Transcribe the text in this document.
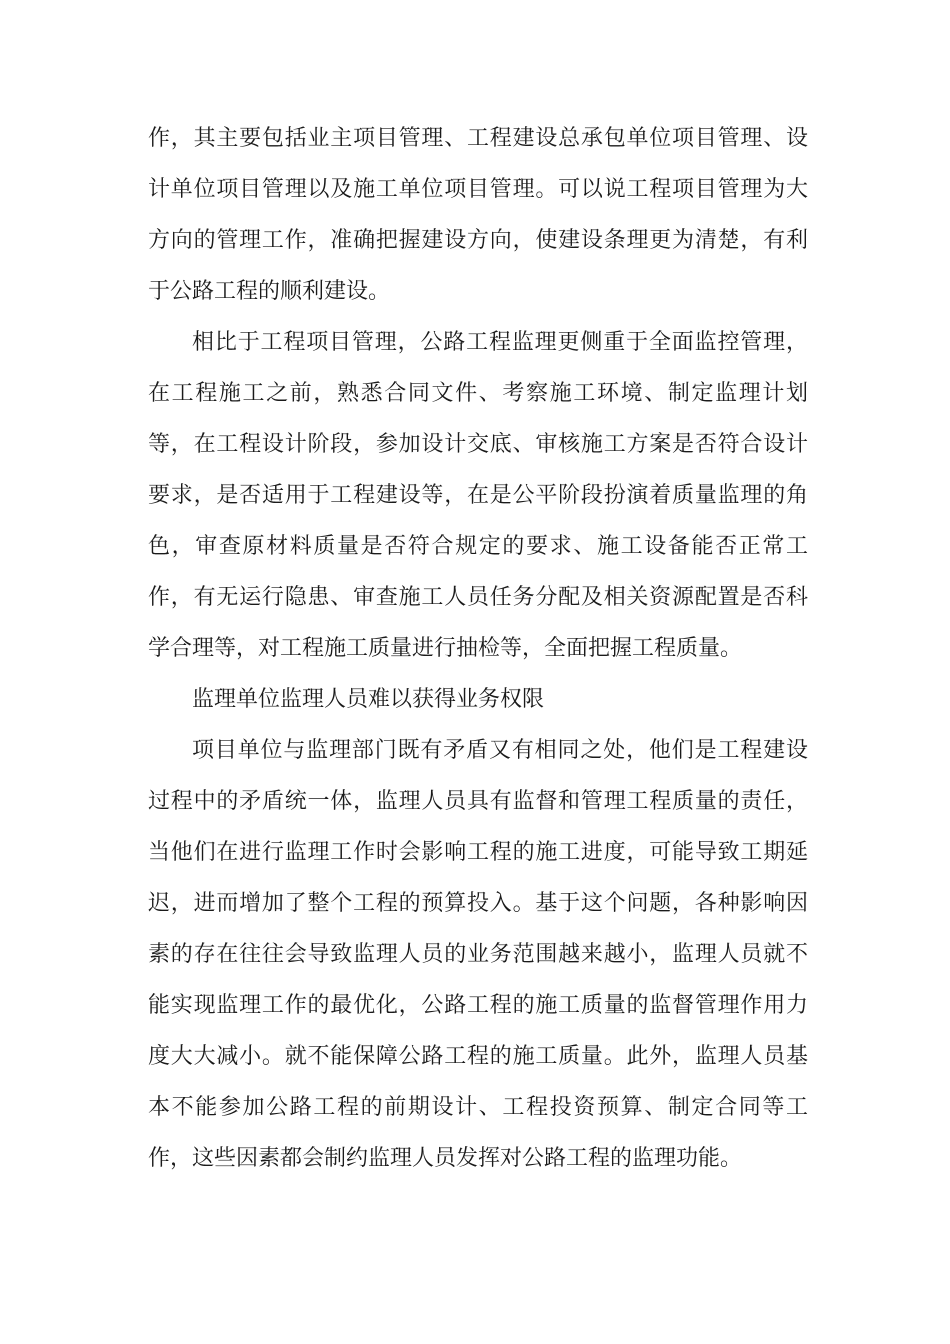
作，其主要包括业主项目管理、工程建设总承包单位项目管理、设
计单位项目管理以及施工单位项目管理。可以说工程项目管理为大
方向的管理工作，准确把握建设方向，使建设条理更为清楚，有利
于公路工程的顺利建设。
相比于工程项目管理，公路工程监理更侧重于全面监控管理，
在工程施工之前，熟悉合同文件、考察施工环境、制定监理计划
等，在工程设计阶段，参加设计交底、审核施工方案是否符合设计
要求，是否适用于工程建设等，在是公平阶段扮演着质量监理的角
色，审查原材料质量是否符合规定的要求、施工设备能否正常工
作，有无运行隐患、审查施工人员任务分配及相关资源配置是否科
学合理等，对工程施工质量进行抽检等，全面把握工程质量。
监理单位监理人员难以获得业务权限
项目单位与监理部门既有矛盾又有相同之处，他们是工程建设
过程中的矛盾统一体，监理人员具有监督和管理工程质量的责任，
当他们在进行监理工作时会影响工程的施工进度，可能导致工期延
迟，进而增加了整个工程的预算投入。基于这个问题，各种影响因
素的存在往往会导致监理人员的业务范围越来越小，监理人员就不
能实现监理工作的最优化，公路工程的施工质量的监督管理作用力
度大大减小。就不能保障公路工程的施工质量。此外，监理人员基
本不能参加公路工程的前期设计、工程投资预算、制定合同等工
作，这些因素都会制约监理人员发挥对公路工程的监理功能。
